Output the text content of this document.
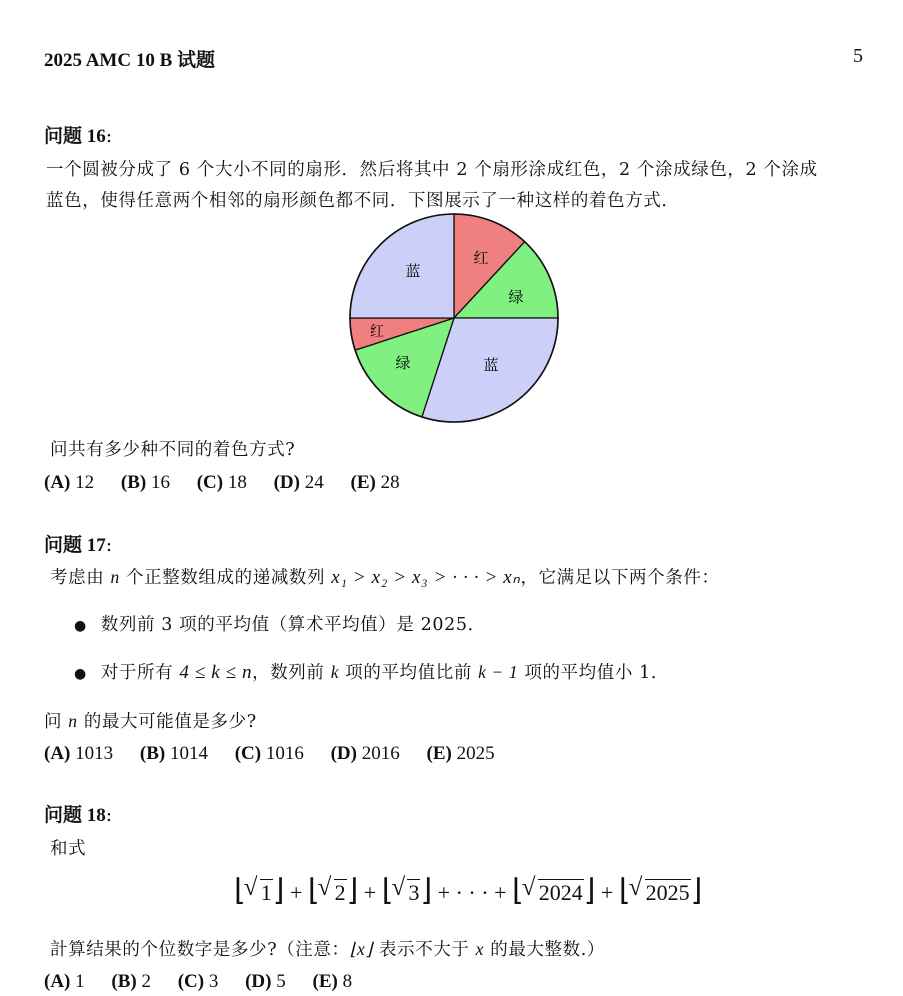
2025 AMC 10 B 试题	5
问题 16:
一个圆被分成了 6 个大小不同的扇形．然后将其中 2 个扇形涂成红色，2 个涂成绿色，2 个涂成
蓝色，使得任意两个相邻的扇形颜色都不同．下图展示了一种这样的着色方式．
红
绿
蓝
绿
红
蓝
问共有多少种不同的着色方式?
(A) 12 (B) 16 (C) 18 (D) 24 (E) 28
问题 17:
考虑由 n 个正整数组成的递减数列 x₁ > x₂ > x₃ > · · · > xₙ，它满足以下两个条件：
● 数列前 3 项的平均值（算术平均值）是 2025．
● 对于所有 4 ≤ k ≤ n，数列前 k 项的平均值比前 k − 1 项的平均值小 1．
问 n 的最大可能值是多少?
(A) 1013 (B) 1014 (C) 1016 (D) 2016 (E) 2025
问题 18:
和式
⌊ √ 1⌋ + ⌊ √ 2⌋ + ⌊ √ 3⌋ + · · · + ⌊ √ 2024⌋ + ⌊ √ 2025⌋
計算结果的个位数字是多少?（注意：⌊x⌋ 表示不大于 x 的最大整数.）
(A) 1 (B) 2 (C) 3 (D) 5 (E) 8
